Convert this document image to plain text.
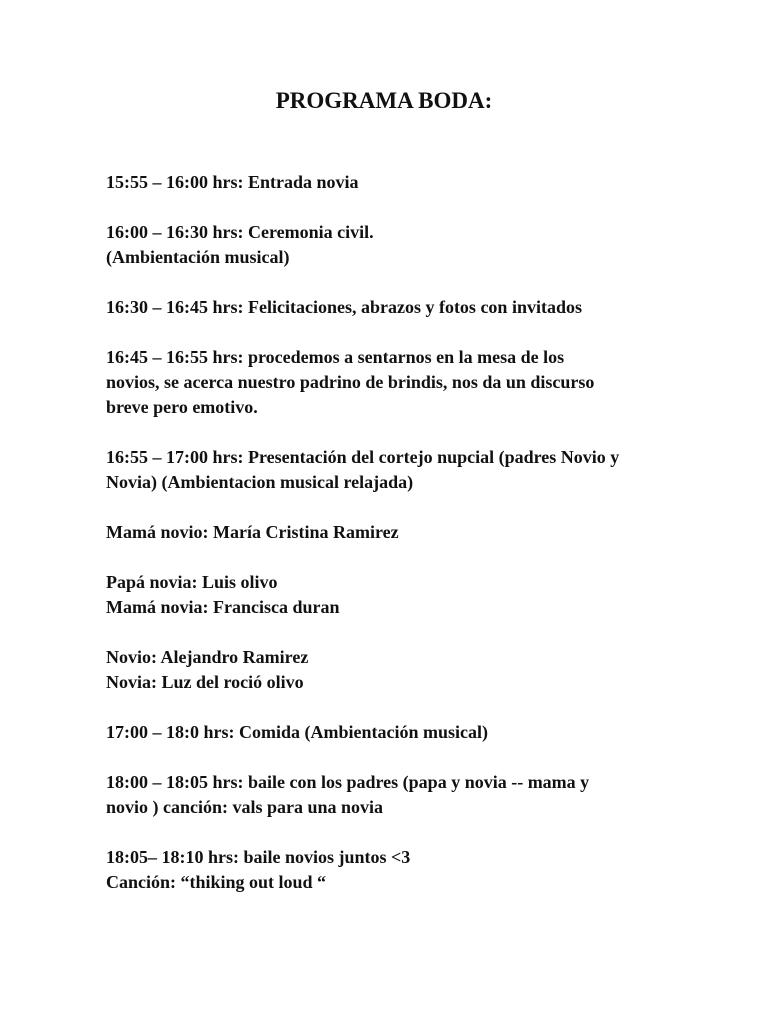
PROGRAMA BODA:

15:55 – 16:00 hrs: Entrada novia

16:00 – 16:30 hrs: Ceremonia civil.
(Ambientación musical)

16:30 – 16:45 hrs: Felicitaciones, abrazos y fotos con invitados

16:45 – 16:55 hrs: procedemos a sentarnos en la mesa de los
novios, se acerca nuestro padrino de brindis, nos da un discurso
breve pero emotivo.

16:55 – 17:00 hrs: Presentación del cortejo nupcial (padres Novio y
Novia) (Ambientacion musical relajada)

Mamá novio: María Cristina Ramirez

Papá novia: Luis olivo
Mamá novia: Francisca duran

Novio: Alejandro Ramirez
Novia: Luz del roció olivo

17:00 – 18:0 hrs: Comida (Ambientación musical)

18:00 – 18:05 hrs: baile con los padres (papa y novia -- mama y
novio ) canción: vals para una novia

18:05– 18:10 hrs: baile novios juntos <3
Canción: “thiking out loud “
